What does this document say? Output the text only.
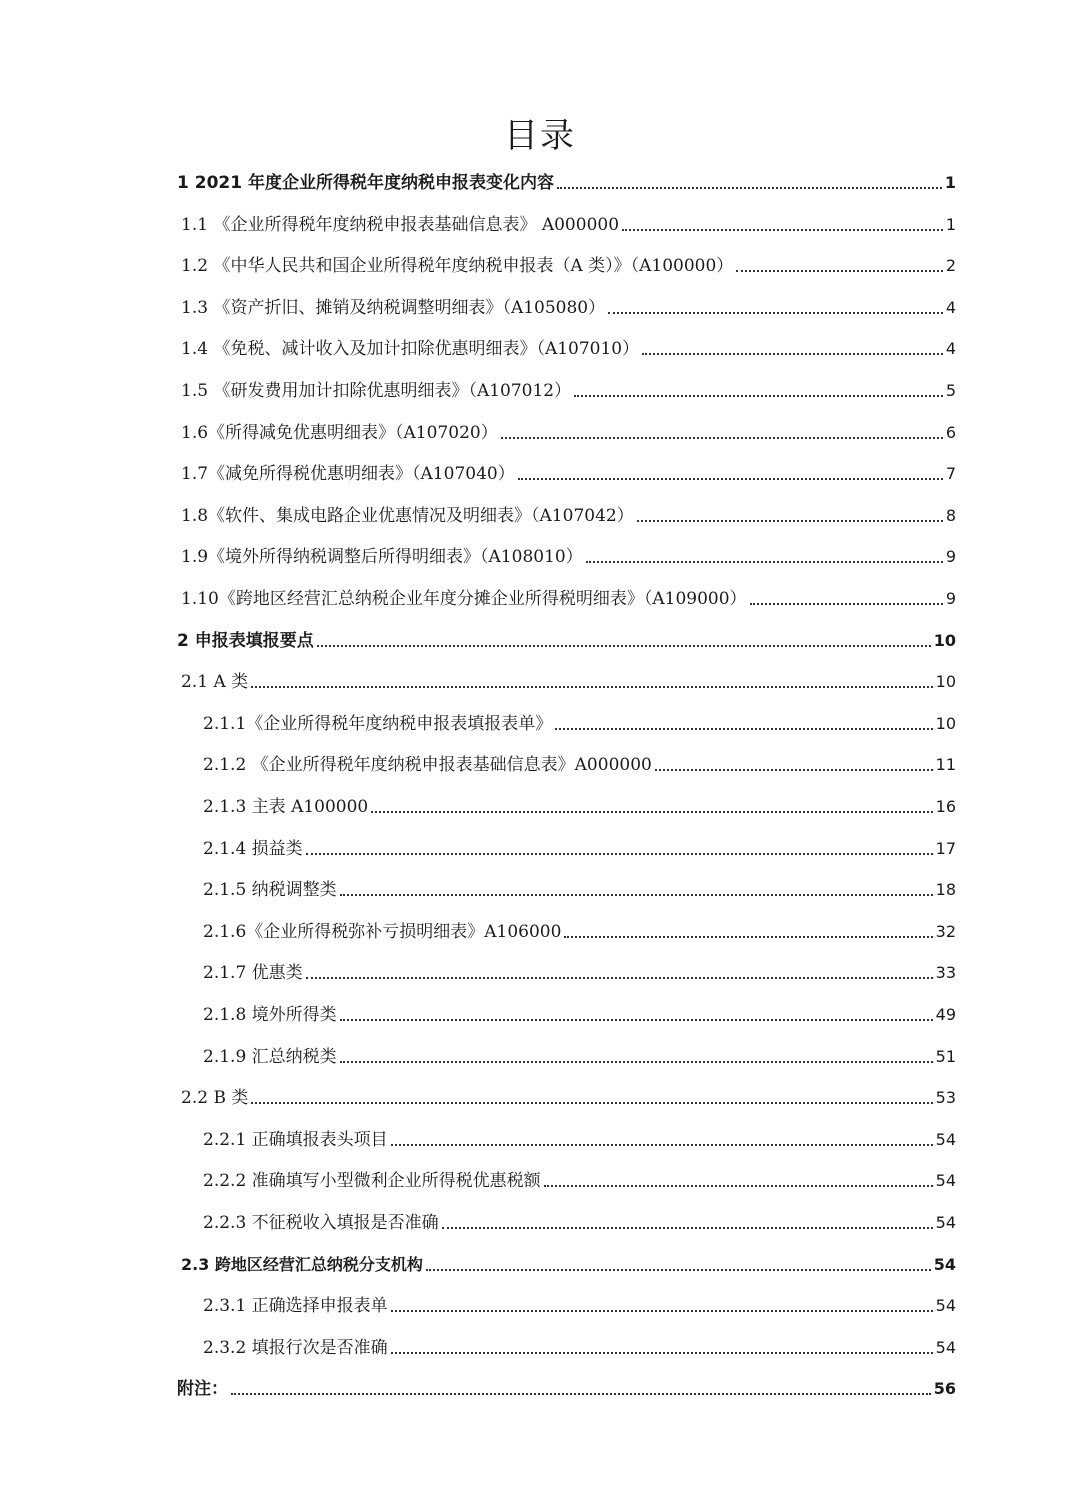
目录
1 2021 年度企业所得税年度纳税申报表变化内容	1
1.1 《企业所得税年度纳税申报表基础信息表》 A000000	1
1.2 《中华人民共和国企业所得税年度纳税申报表（A 类）》（A100000）	2
1.3 《资产折旧、摊销及纳税调整明细表》（A105080）	4
1.4 《免税、减计收入及加计扣除优惠明细表》（A107010）	4
1.5 《研发费用加计扣除优惠明细表》（A107012）	5
1.6《所得减免优惠明细表》（A107020）	6
1.7《减免所得税优惠明细表》（A107040）	7
1.8《软件、集成电路企业优惠情况及明细表》（A107042）	8
1.9《境外所得纳税调整后所得明细表》（A108010）	9
1.10《跨地区经营汇总纳税企业年度分摊企业所得税明细表》（A109000）	9
2 申报表填报要点	10
2.1 A 类	10
2.1.1《企业所得税年度纳税申报表填报表单》	10
2.1.2 《企业所得税年度纳税申报表基础信息表》A000000	11
2.1.3 主表 A100000	16
2.1.4 损益类	17
2.1.5 纳税调整类	18
2.1.6《企业所得税弥补亏损明细表》A106000	32
2.1.7 优惠类	33
2.1.8 境外所得类	49
2.1.9 汇总纳税类	51
2.2 B 类	53
2.2.1 正确填报表头项目	54
2.2.2 准确填写小型微利企业所得税优惠税额	54
2.2.3 不征税收入填报是否准确	54
2.3 跨地区经营汇总纳税分支机构	54
2.3.1 正确选择申报表单	54
2.3.2 填报行次是否准确	54
附注：	56
